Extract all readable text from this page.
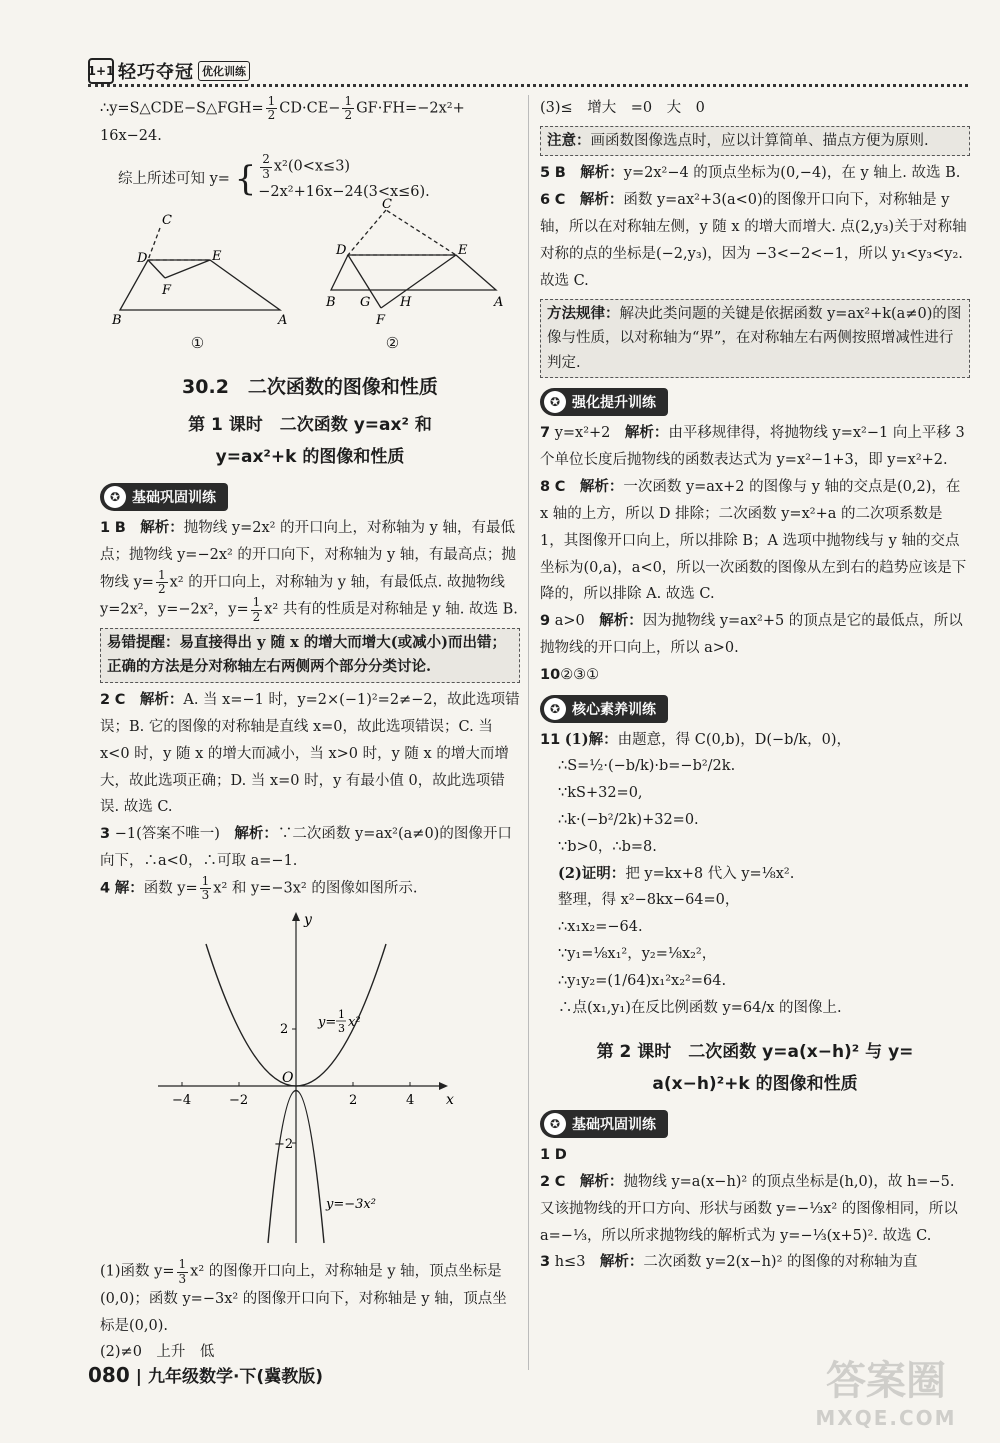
1+1 轻巧夺冠 优化训练

∴y=S△CDE−S△FGH= $\frac{1}{2} CD\cdot CE- \frac{1}{2} GF\cdot FH=-2x^2+$

16x−24.

综上所述可知 y= { $\frac{2}{3} x^2(0<x\le 3)$
−2x²+16x−24(3<x≤6).

C
D	E
F
B	A
C
D	E
B G H	A
F
①	②
30.2　二次函数的图像和性质
第 1 课时　二次函数 y=ax² 和
y=ax²+k 的图像和性质
✪ 基础巩固训练

1 B　 解析：抛物线 y=2x² 的开口向上，对称轴为 y 轴，有最低点；抛物线 y=−2x² 的开口向下，对称轴为 y 轴，有最高点；抛物线 $y= \frac{1}{2} x^2$ 的开口向上，对称轴为 y 轴，有最低点. 故抛物线

y=2x²，y=−2x²，$y= \frac{1}{2} x^2$ 共有的性质是对称轴是 y 轴. 故选 B.

易错提醒：易直接得出 y 随 x 的增大而增大(或减小)而出错；正确的方法是分对称轴左右两侧两个部分分类讨论.

2 C　 解析：A. 当 x=−1 时，y=2×(−1)²=2≠−2，故此选项错误；B. 它的图像的对称轴是直线 x=0，故此选项错误；C. 当 x<0 时，y 随 x 的增大而减小，当 x>0 时，y 随 x 的增大而增大，故此选项正确；D. 当 x=0 时，y 有最小值 0，故此选项错误. 故选 C.

3 −1(答案不唯一)　 解析：∵二次函数 y=ax²(a≠0)的图像开口向下，∴a<0，∴可取 a=−1.

4 解：函数 $y= \frac{1}{3} x^2$ 和 y=−3x² 的图像如图所示.

y
x
O
−4	−2	2	4
2
−2
y=
1
3 x²
y=−3x²

(1)函数 $y= \frac{1}{3} x^2$ 的图像开口向上，对称轴是 y 轴，顶点坐标是(0,0)；函数 y=−3x² 的图像开口向下，对称轴是 y 轴，顶点坐标是(0,0).

(2)≠0　上升　低

(3)≤　增大　=0　大　0

注意：画函数图像选点时，应以计算简单、描点方便为原则.

5 B　 解析：y=2x²−4 的顶点坐标为(0,−4)，在 y 轴上. 故选 B.

6 C　 解析：函数 y=ax²+3(a<0)的图像开口向下，对称轴是 y 轴，所以在对称轴左侧，y 随 x 的增大而增大. 点(2,y₃)关于对称轴对称的点的坐标是(−2,y₃)，因为 −3<−2<−1，所以 y₁<y₃<y₂. 故选 C.

方法规律：解决此类问题的关键是依据函数 y=ax²+k(a≠0)的图像与性质，以对称轴为“界”，在对称轴左右两侧按照增减性进行判定.
✪ 强化提升训练

7 y=x²+2　 解析：由平移规律得，将抛物线 y=x²−1 向上平移 3 个单位长度后抛物线的函数表达式为 y=x²−1+3，即 y=x²+2.

8 C　 解析：一次函数 y=ax+2 的图像与 y 轴的交点是(0,2)，在 x 轴的上方，所以 D 排除；二次函数 y=x²+a 的二次项系数是 1，其图像开口向上，所以排除 B；A 选项中抛物线与 y 轴的交点坐标为(0,a)，a<0，所以一次函数的图像从左到右的趋势应该是下降的，所以排除 A. 故选 C.

9 a>0　 解析：因为抛物线 y=ax²+5 的顶点是它的最低点，所以抛物线的开口向上，所以 a>0.

10②③①

✪ 核心素养训练

11 (1)解：由题意，得 C(0,b)，D(−b/k，0)，

∴S=½·(−b/k)·b=−b²/2k.

∵kS+32=0,

∴k·(−b²/2k)+32=0.

∵b>0，∴b=8.

(2)证明：把 y=kx+8 代入 y=⅛x².

整理，得 x²−8kx−64=0，

∴x₁x₂=−64.

∵y₁=⅛x₁²，y₂=⅛x₂²，

∴y₁y₂=(1/64)x₁²x₂²=64.

∴点(x₁,y₁)在反比例函数 y=64/x 的图像上.

第 2 课时　二次函数 y=a(x−h)² 与 y=
a(x−h)²+k 的图像和性质
✪ 基础巩固训练

1 D

2 C　 解析：抛物线 y=a(x−h)² 的顶点坐标是(h,0)，故 h=−5. 又该抛物线的开口方向、形状与函数 y=−⅓x² 的图像相同，所以 a=−⅓，所以所求抛物线的解析式为 y=−⅓(x+5)². 故选 C.

3 h≤3　 解析：二次函数 y=2(x−h)² 的图像的对称轴为直

080 | 九年级数学·下(冀教版)	答案圈
MXQE.COM
